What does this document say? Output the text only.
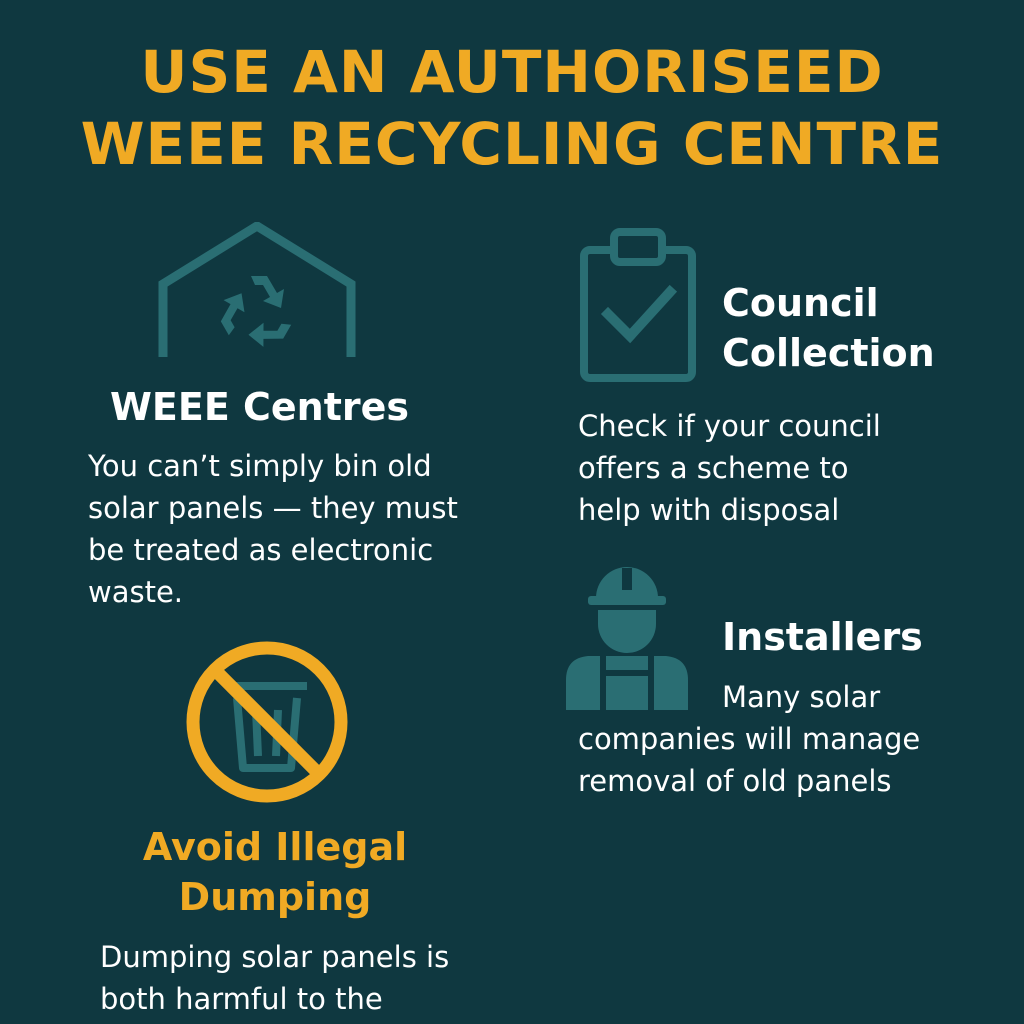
USE AN AUTHORISEED
WEEE RECYCLING CENTRE
WEEE Centres
You can’t simply bin old
solar panels — they must
be treated as electronic
waste.
Avoid Illegal
Dumping
Dumping solar panels is
both harmful to the
Council
Collection
Check if your council
offers a scheme to
help with disposal
Installers
Many solar
companies will manage
removal of old panels
